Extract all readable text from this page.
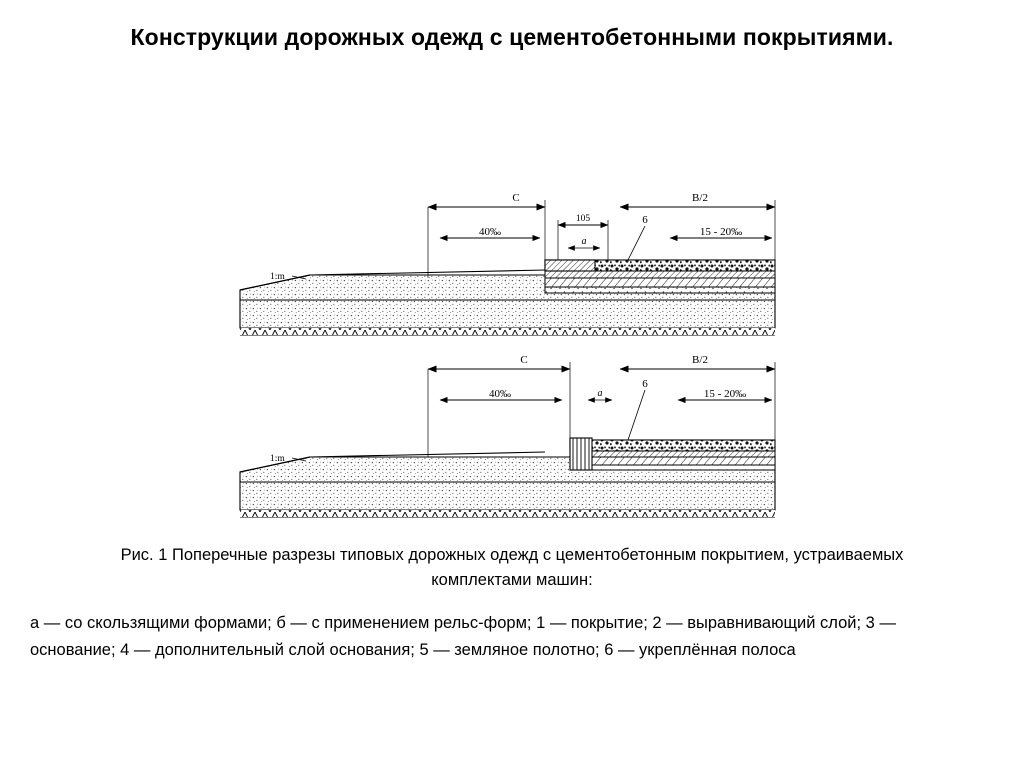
Конструкции дорожных одежд с цементобетонными покрытиями.
C	B/2
105
а
40‰	15 - 20‰
6
1:m
C	B/2
40‰	а	15 - 20‰
6
1:m
Рис. 1 Поперечные разрезы типовых дорожных одежд с цементобетонным покрытием, устраиваемых комплектами машин:
а — со скользящими формами; б — с применением рельс-форм; 1 — покрытие; 2 — выравнивающий слой; 3 — основание; 4 — дополнительный слой основания; 5 — земляное полотно; 6 — укреплённая полоса
